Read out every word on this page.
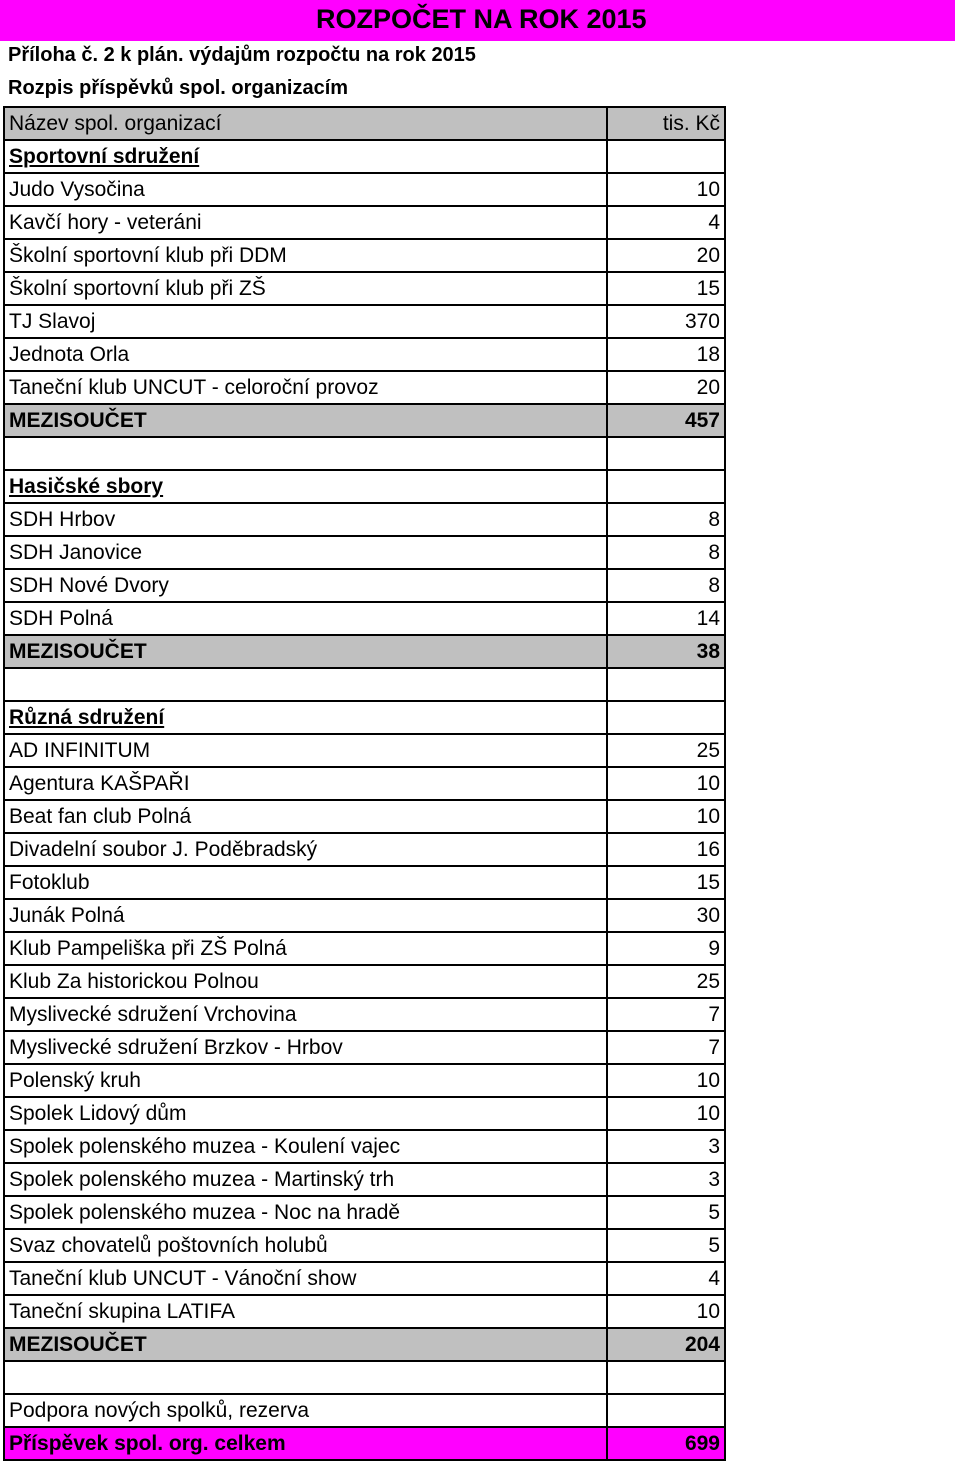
ROZPOČET NA ROK 2015
Příloha č. 2 k plán. výdajům rozpočtu na rok 2015
Rozpis příspěvků spol. organizacím
Název spol. organizací	tis. Kč
Sportovní sdružení	
Judo Vysočina	10
Kavčí hory - veteráni	4
Školní sportovní klub při DDM	20
Školní sportovní klub při ZŠ	15
TJ Slavoj	370
Jednota Orla	18
Taneční klub UNCUT - celoroční provoz	20
MEZISOUČET	457

Hasičské sbory	
SDH Hrbov	8
SDH Janovice	8
SDH Nové Dvory	8
SDH Polná	14
MEZISOUČET	38

Různá sdružení	
AD INFINITUM	25
Agentura KAŠPAŘI	10
Beat fan club Polná	10
Divadelní soubor J. Poděbradský	16
Fotoklub	15
Junák Polná	30
Klub Pampeliška při ZŠ Polná	9
Klub Za historickou Polnou	25
Myslivecké sdružení Vrchovina	7
Myslivecké sdružení Brzkov - Hrbov	7
Polenský kruh	10
Spolek Lidový dům	10
Spolek polenského muzea - Koulení vajec	3
Spolek polenského muzea - Martinský trh	3
Spolek polenského muzea - Noc na hradě	5
Svaz chovatelů poštovních holubů	5
Taneční klub UNCUT - Vánoční show	4
Taneční skupina LATIFA	10
MEZISOUČET	204

Podpora nových spolků, rezerva	
Příspěvek spol. org. celkem	699
